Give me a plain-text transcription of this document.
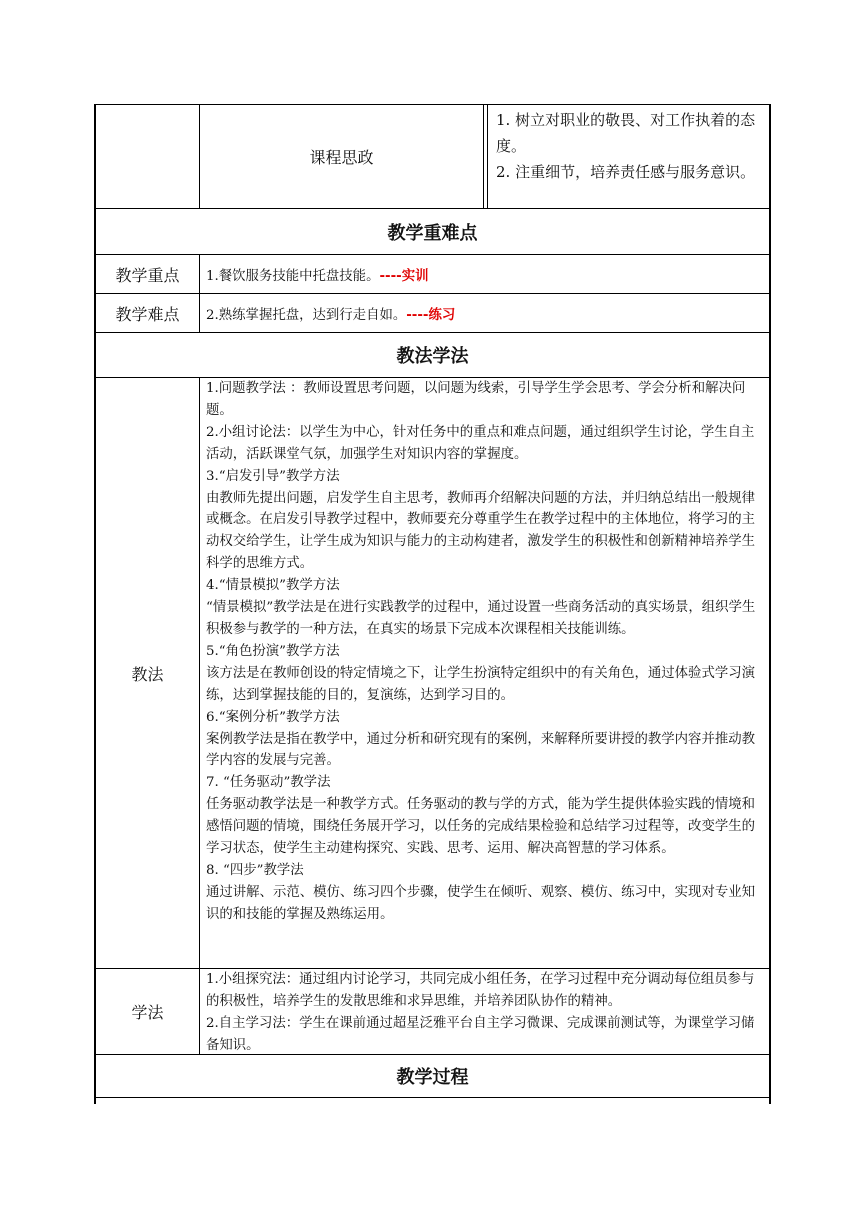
课程思政

1. 树立对职业的敬畏、对工作执着的态度。

2. 注重细节，培养责任感与服务意识。

教学重难点
教学重点	1.餐饮服务技能中托盘技能。 ----实训
教学难点	2.熟练掌握托盘，达到行走自如。 ----练习
教法学法
教法

1.问题教学法 ：教师设置思考问题，以问题为线索，引导学生学会思考、学会分析和解决问题。

2.小组讨论法：以学生为中心，针对任务中的重点和难点问题，通过组织学生讨论，学生自主活动，活跃课堂气氛，加强学生对知识内容的掌握度。

3.“启发引导”教学方法

由教师先提出问题，启发学生自主思考，教师再介绍解决问题的方法，并归纳总结出一般规律或概念。在启发引导教学过程中，教师要充分尊重学生在教学过程中的主体地位，将学习的主动权交给学生，让学生成为知识与能力的主动构建者，激发学生的积极性和创新精神培养学生科学的思维方式。

4.“情景模拟”教学方法

“情景模拟”教学法是在进行实践教学的过程中，通过设置一些商务活动的真实场景，组织学生积极参与教学的一种方法，在真实的场景下完成本次课程相关技能训练。

5.“角色扮演”教学方法

该方法是在教师创设的特定情境之下，让学生扮演特定组织中的有关角色，通过体验式学习演练，达到掌握技能的目的，复演练，达到学习目的。

6.“案例分析”教学方法

案例教学法是指在教学中，通过分析和研究现有的案例，来解释所要讲授的教学内容并推动教学内容的发展与完善。

7. “任务驱动”教学法

任务驱动教学法是一种教学方式。任务驱动的教与学的方式，能为学生提供体验实践的情境和感悟问题的情境，围绕任务展开学习，以任务的完成结果检验和总结学习过程等，改变学生的学习状态，使学生主动建构探究、实践、思考、运用、解决高智慧的学习体系。

8. “四步”教学法

通过讲解、示范、模仿、练习四个步骤，使学生在倾听、观察、模仿、练习中，实现对专业知识的和技能的掌握及熟练运用。

学法

1.小组探究法：通过组内讨论学习，共同完成小组任务，在学习过程中充分调动每位组员参与的积极性，培养学生的发散思维和求异思维，并培养团队协作的精神。

2.自主学习法：学生在课前通过超星泛雅平台自主学习微课、完成课前测试等，为课堂学习储备知识。

教学过程
